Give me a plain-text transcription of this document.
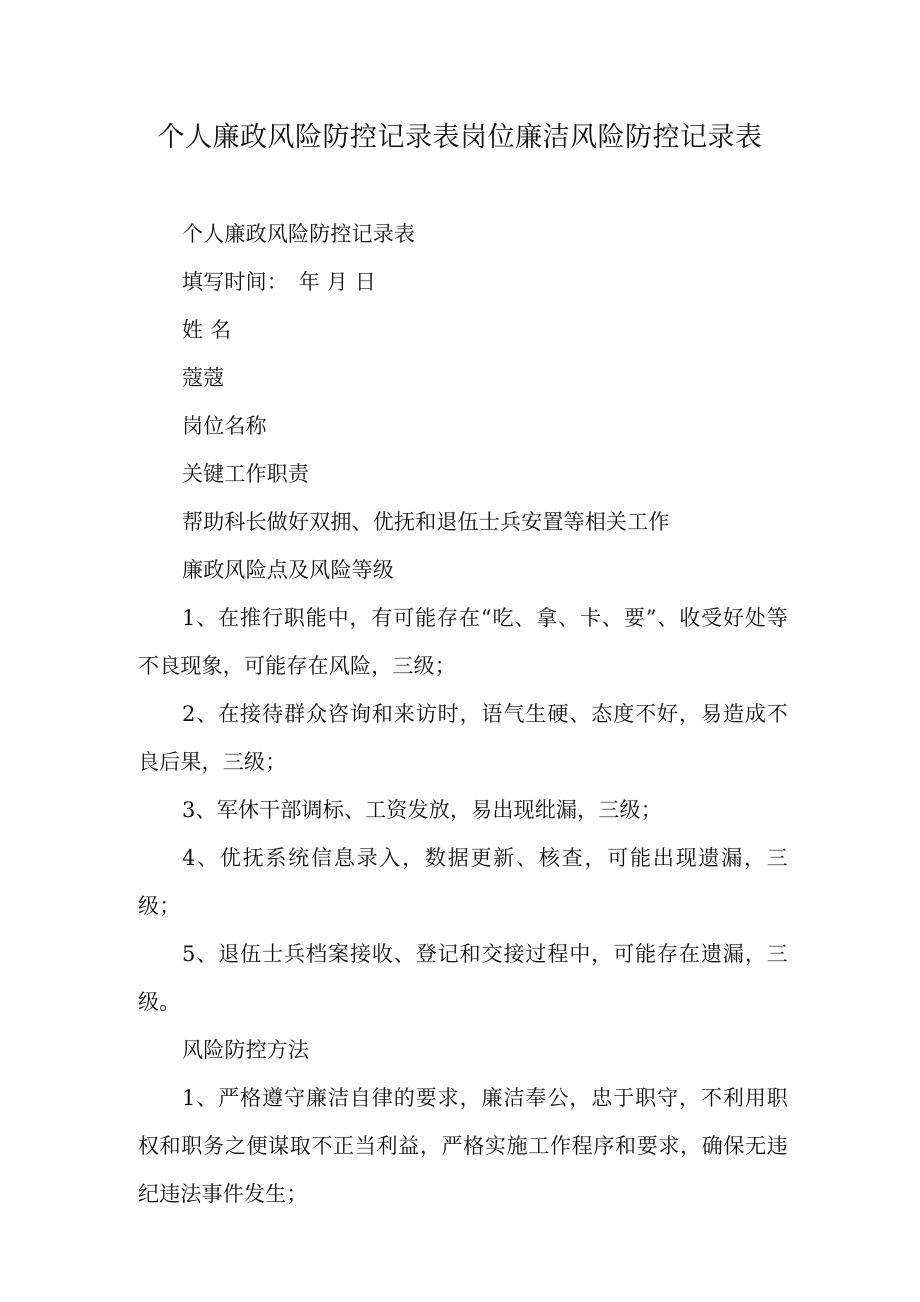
个人廉政风险防控记录表岗位廉洁风险防控记录表

个人廉政风险防控记录表

填写时间：　年 月 日

姓 名

蔻蔻

岗位名称

关键工作职责

帮助科长做好双拥、优抚和退伍士兵安置等相关工作

廉政风险点及风险等级

1、在推行职能中，有可能存在“吃、拿、卡、要”、收受好处等不良现象，可能存在风险，三级；

2、在接待群众咨询和来访时，语气生硬、态度不好，易造成不良后果，三级；

3、军休干部调标、工资发放，易出现纰漏，三级；

4、优抚系统信息录入，数据更新、核查，可能出现遗漏，三级；

5、退伍士兵档案接收、登记和交接过程中，可能存在遗漏，三级。

风险防控方法

1、严格遵守廉洁自律的要求，廉洁奉公，忠于职守，不利用职权和职务之便谋取不正当利益，严格实施工作程序和要求，确保无违纪违法事件发生；
